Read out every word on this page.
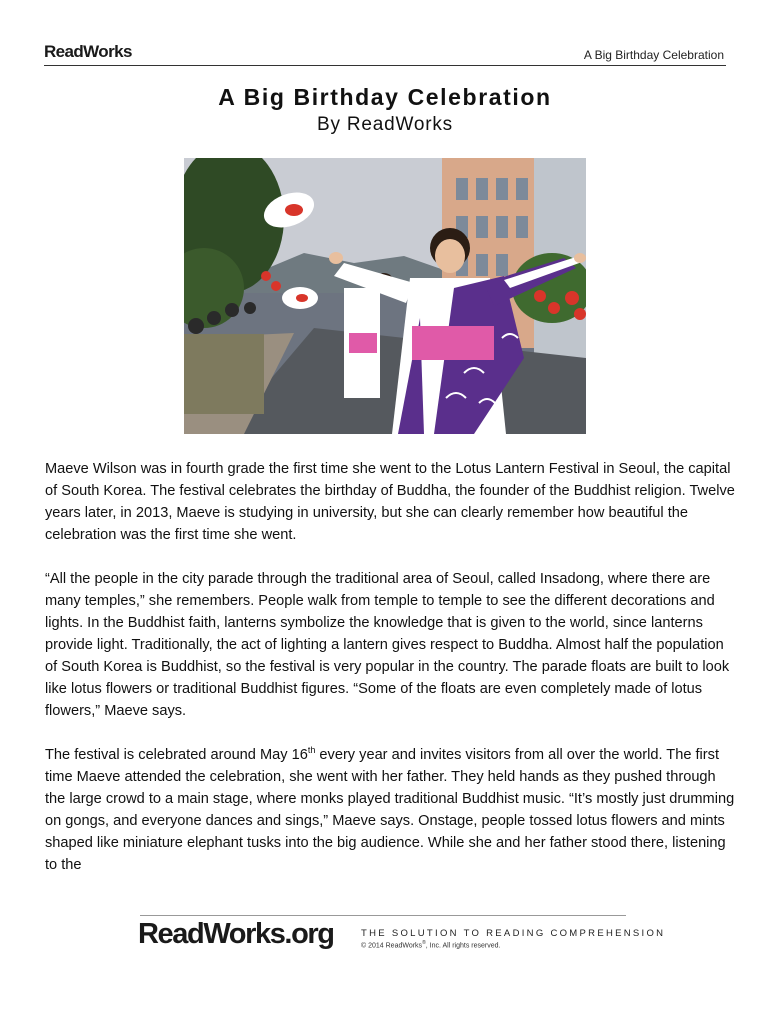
ReadWorks	A Big Birthday Celebration
A Big Birthday Celebration
By ReadWorks

Maeve Wilson was in fourth grade the first time she went to the Lotus Lantern Festival in Seoul, the capital of South Korea. The festival celebrates the birthday of Buddha, the founder of the Buddhist religion. Twelve years later, in 2013, Maeve is studying in university, but she can clearly remember how beautiful the celebration was the first time she went.

“All the people in the city parade through the traditional area of Seoul, called Insadong, where there are many temples,” she remembers. People walk from temple to temple to see the different decorations and lights. In the Buddhist faith, lanterns symbolize the knowledge that is given to the world, since lanterns provide light. Traditionally, the act of lighting a lantern gives respect to Buddha. Almost half the population of South Korea is Buddhist, so the festival is very popular in the country. The parade floats are built to look like lotus flowers or traditional Buddhist figures. “Some of the floats are even completely made of lotus flowers,” Maeve says.

The festival is celebrated around May 16th every year and invites visitors from all over the world. The first time Maeve attended the celebration, she went with her father. They held hands as they pushed through the large crowd to a main stage, where monks played traditional Buddhist music. “It’s mostly just drumming on gongs, and everyone dances and sings,” Maeve says. Onstage, people tossed lotus flowers and mints shaped like miniature elephant tusks into the big audience. While she and her father stood there, listening to the

ReadWorks.org	THE SOLUTION TO READING COMPREHENSION
© 2014 ReadWorks®, Inc. All rights reserved.
